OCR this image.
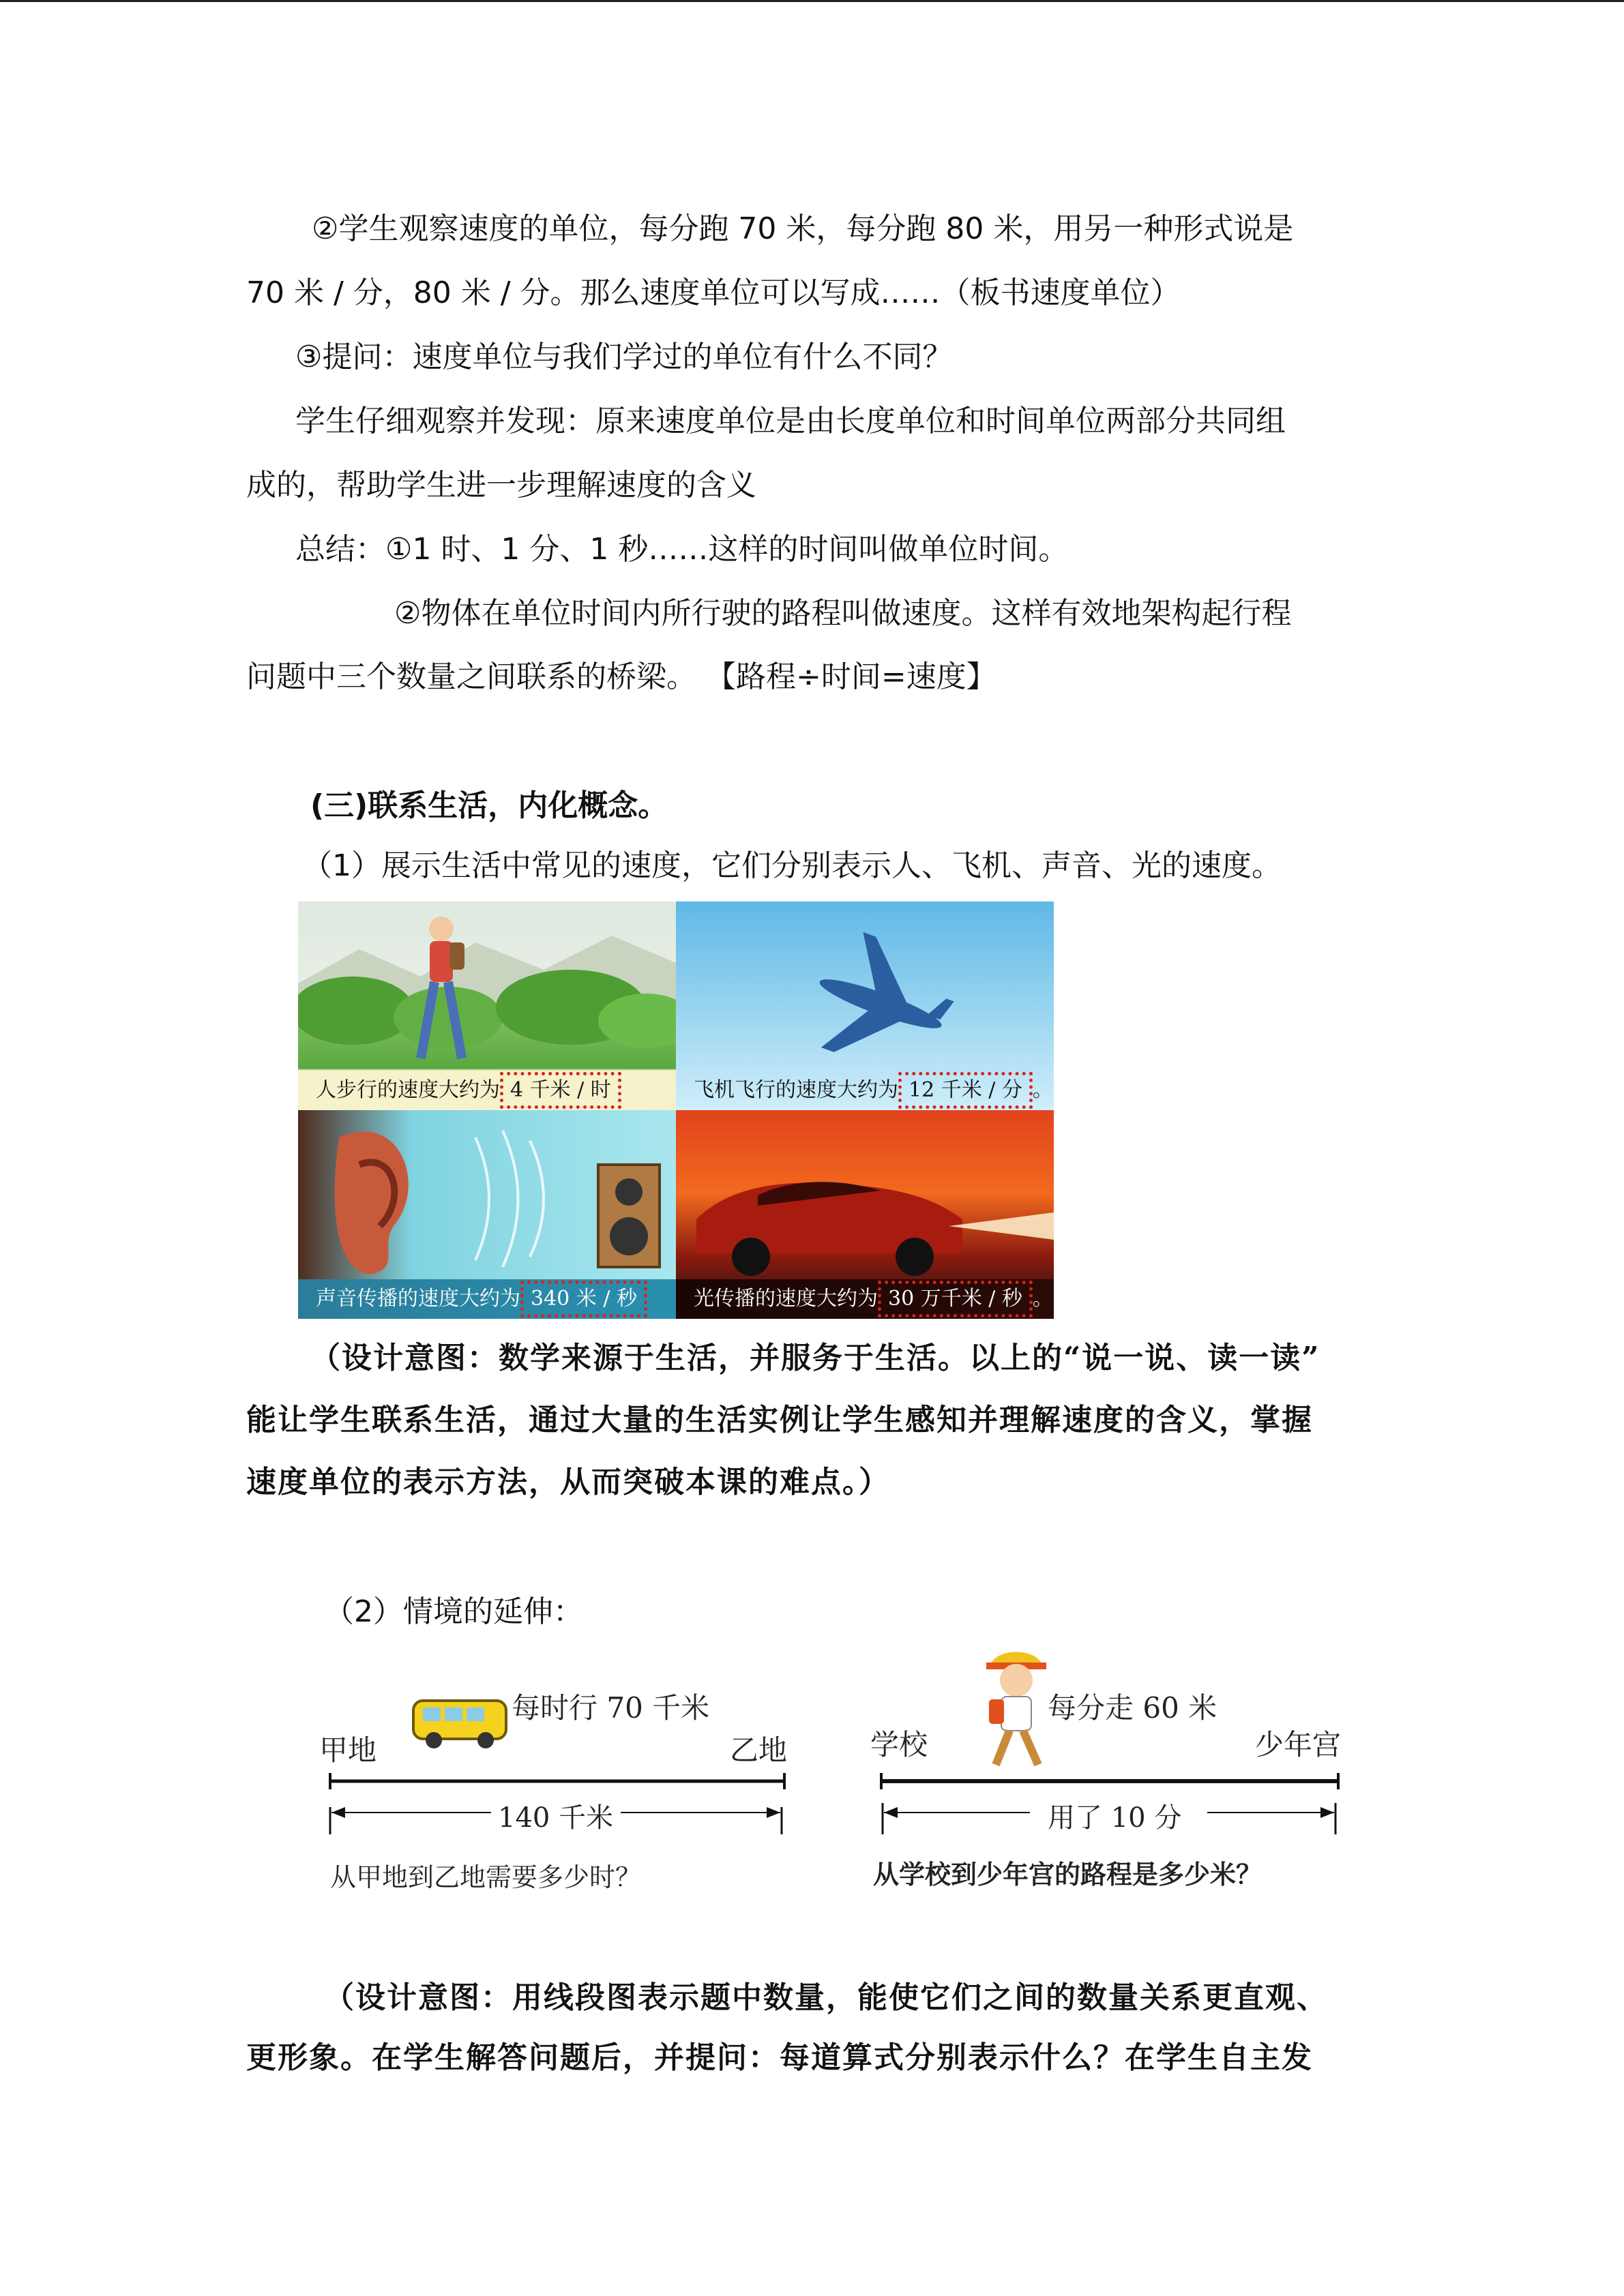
②学生观察速度的单位，每分跑 70 米，每分跑 80 米，用另一种形式说是
70 米 / 分，80 米 / 分。那么速度单位可以写成……（板书速度单位）
③提问：速度单位与我们学过的单位有什么不同？
学生仔细观察并发现：原来速度单位是由长度单位和时间单位两部分共同组
成的，帮助学生进一步理解速度的含义
总结：①1 时、1 分、1 秒……这样的时间叫做单位时间。
②物体在单位时间内所行驶的路程叫做速度。这样有效地架构起行程
问题中三个数量之间联系的桥梁。 【路程÷时间=速度】
(三)联系生活，内化概念。
（1）展示生活中常见的速度，它们分别表示人、飞机、声音、光的速度。
人步行的速度大约为 4 千米 / 时	飞机飞行的速度大约为 12 千米 / 分 。
声音传播的速度大约为 340 米 / 秒	光传播的速度大约为 30 万千米 / 秒 。
（设计意图：数学来源于生活，并服务于生活。以上的“说一说、读一读”
能让学生联系生活，通过大量的生活实例让学生感知并理解速度的含义，掌握
速度单位的表示方法，从而突破本课的难点。）
（2）情境的延伸：
每时行 70 千米
甲地	乙地
140 千米
从甲地到乙地需要多少时？
每分走 60 米
学校	少年宫
用了 10 分
从学校到少年宫的路程是多少米？
（设计意图：用线段图表示题中数量，能使它们之间的数量关系更直观、
更形象。在学生解答问题后，并提问：每道算式分别表示什么？在学生自主发
